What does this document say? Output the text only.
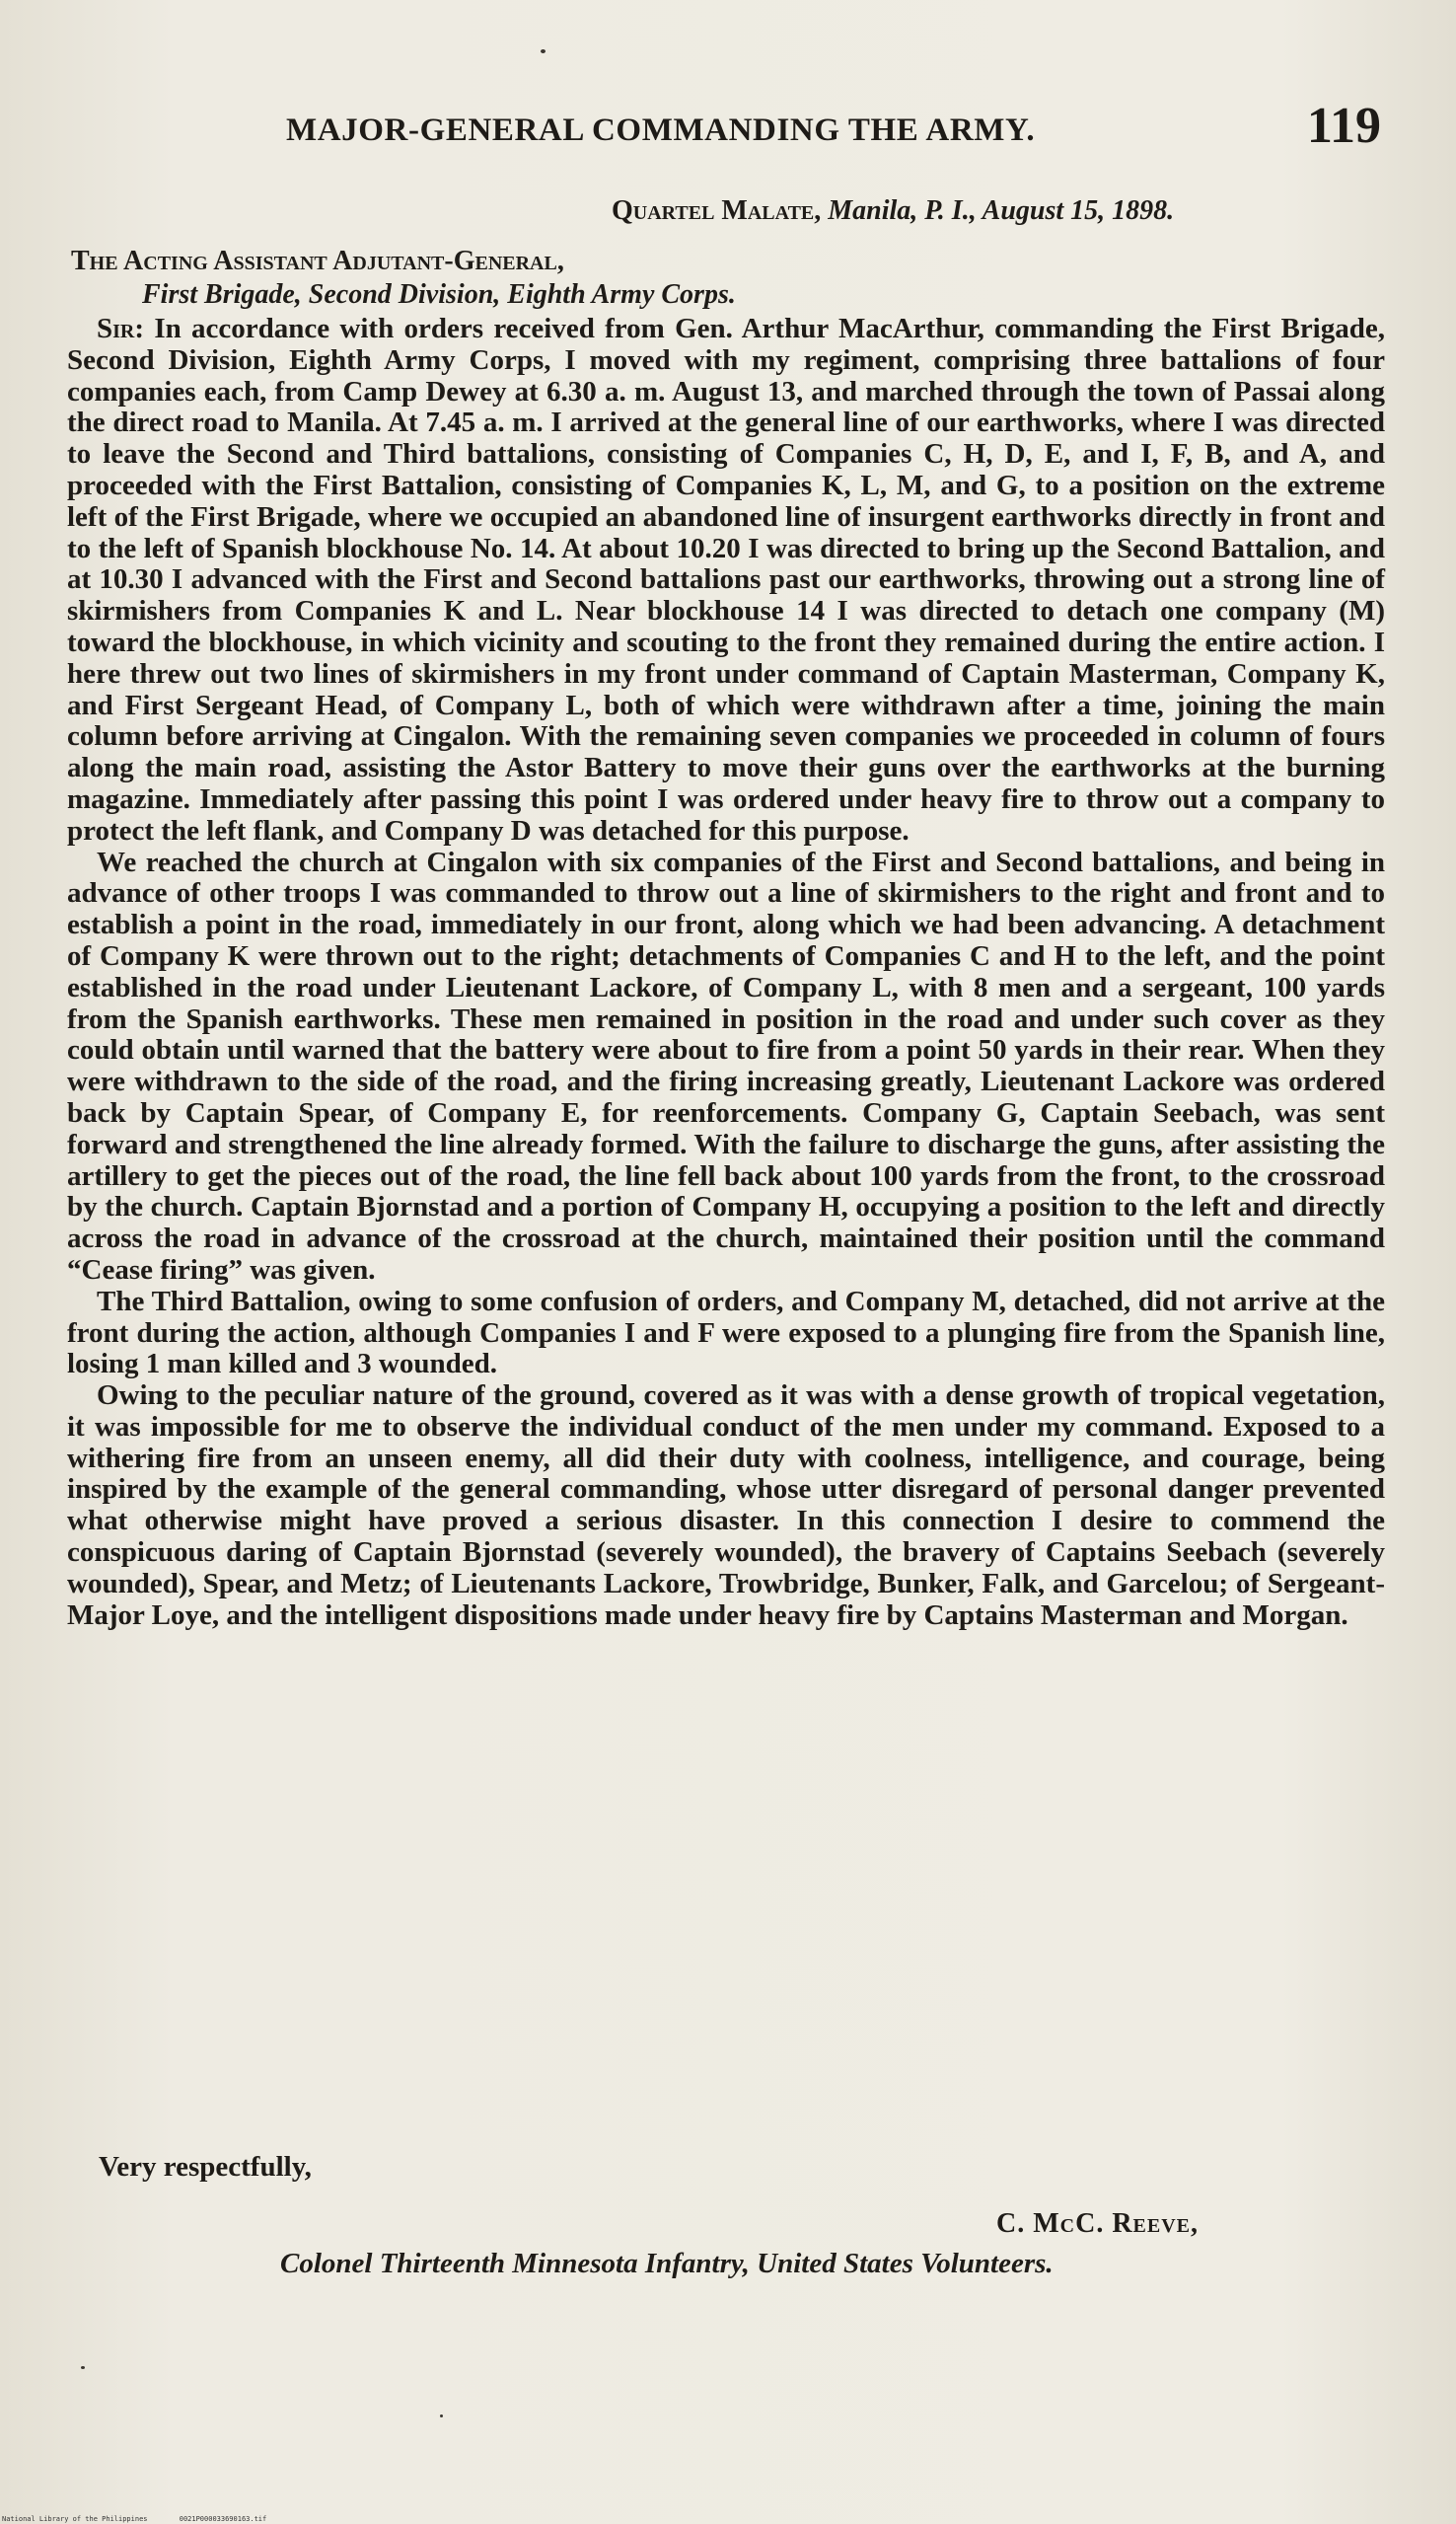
MAJOR-GENERAL COMMANDING THE ARMY.	119
Quartel Malate, Manila, P. I., August 15, 1898.
The Acting Assistant Adjutant-General,
First Brigade, Second Division, Eighth Army Corps.

Sir: In accordance with orders received from Gen. Arthur MacArthur, commanding the First Brigade, Second Division, Eighth Army Corps, I moved with my regiment, comprising three battalions of four companies each, from Camp Dewey at 6.30 a. m. August 13, and marched through the town of Passai along the direct road to Manila. At 7.45 a. m. I arrived at the general line of our earthworks, where I was directed to leave the Second and Third battalions, consisting of Companies C, H, D, E, and I, F, B, and A, and proceeded with the First Battalion, consisting of Companies K, L, M, and G, to a position on the extreme left of the First Brigade, where we occupied an abandoned line of insurgent earthworks directly in front and to the left of Spanish blockhouse No. 14. At about 10.20 I was directed to bring up the Second Battalion, and at 10.30 I advanced with the First and Second battalions past our earthworks, throwing out a strong line of skirmishers from Companies K and L. Near blockhouse 14 I was directed to detach one company (M) toward the blockhouse, in which vicinity and scouting to the front they remained during the entire action. I here threw out two lines of skirmishers in my front under command of Captain Masterman, Company K, and First Sergeant Head, of Company L, both of which were withdrawn after a time, joining the main column before arriving at Cingalon. With the remaining seven companies we proceeded in column of fours along the main road, assisting the Astor Battery to move their guns over the earthworks at the burning magazine. Immediately after passing this point I was ordered under heavy fire to throw out a company to protect the left flank, and Company D was detached for this purpose.

We reached the church at Cingalon with six companies of the First and Second battalions, and being in advance of other troops I was commanded to throw out a line of skirmishers to the right and front and to establish a point in the road, immediately in our front, along which we had been advancing. A detachment of Company K were thrown out to the right; detachments of Companies C and H to the left, and the point established in the road under Lieutenant Lackore, of Company L, with 8 men and a sergeant, 100 yards from the Spanish earthworks. These men remained in position in the road and under such cover as they could obtain until warned that the battery were about to fire from a point 50 yards in their rear. When they were withdrawn to the side of the road, and the firing increasing greatly, Lieutenant Lackore was ordered back by Captain Spear, of Company E, for reenforcements. Company G, Captain Seebach, was sent forward and strengthened the line already formed. With the failure to discharge the guns, after assisting the artillery to get the pieces out of the road, the line fell back about 100 yards from the front, to the crossroad by the church. Captain Bjornstad and a portion of Company H, occupying a position to the left and directly across the road in advance of the crossroad at the church, maintained their position until the command “Cease firing” was given.

The Third Battalion, owing to some confusion of orders, and Company M, detached, did not arrive at the front during the action, although Companies I and F were exposed to a plunging fire from the Spanish line, losing 1 man killed and 3 wounded.

Owing to the peculiar nature of the ground, covered as it was with a dense growth of tropical vegetation, it was impossible for me to observe the individual conduct of the men under my command. Exposed to a withering fire from an unseen enemy, all did their duty with coolness, intelligence, and courage, being inspired by the example of the general commanding, whose utter disregard of personal danger prevented what otherwise might have proved a serious disaster. In this connection I desire to commend the conspicuous daring of Captain Bjornstad (severely wounded), the bravery of Captains Seebach (severely wounded), Spear, and Metz; of Lieutenants Lackore, Trowbridge, Bunker, Falk, and Garcelou; of Sergeant-Major Loye, and the intelligent dispositions made under heavy fire by Captains Masterman and Morgan.

Very respectfully,
C. McC. Reeve,
Colonel Thirteenth Minnesota Infantry, United States Volunteers.
National Library of the Philippines	0021P000033690163.tif
